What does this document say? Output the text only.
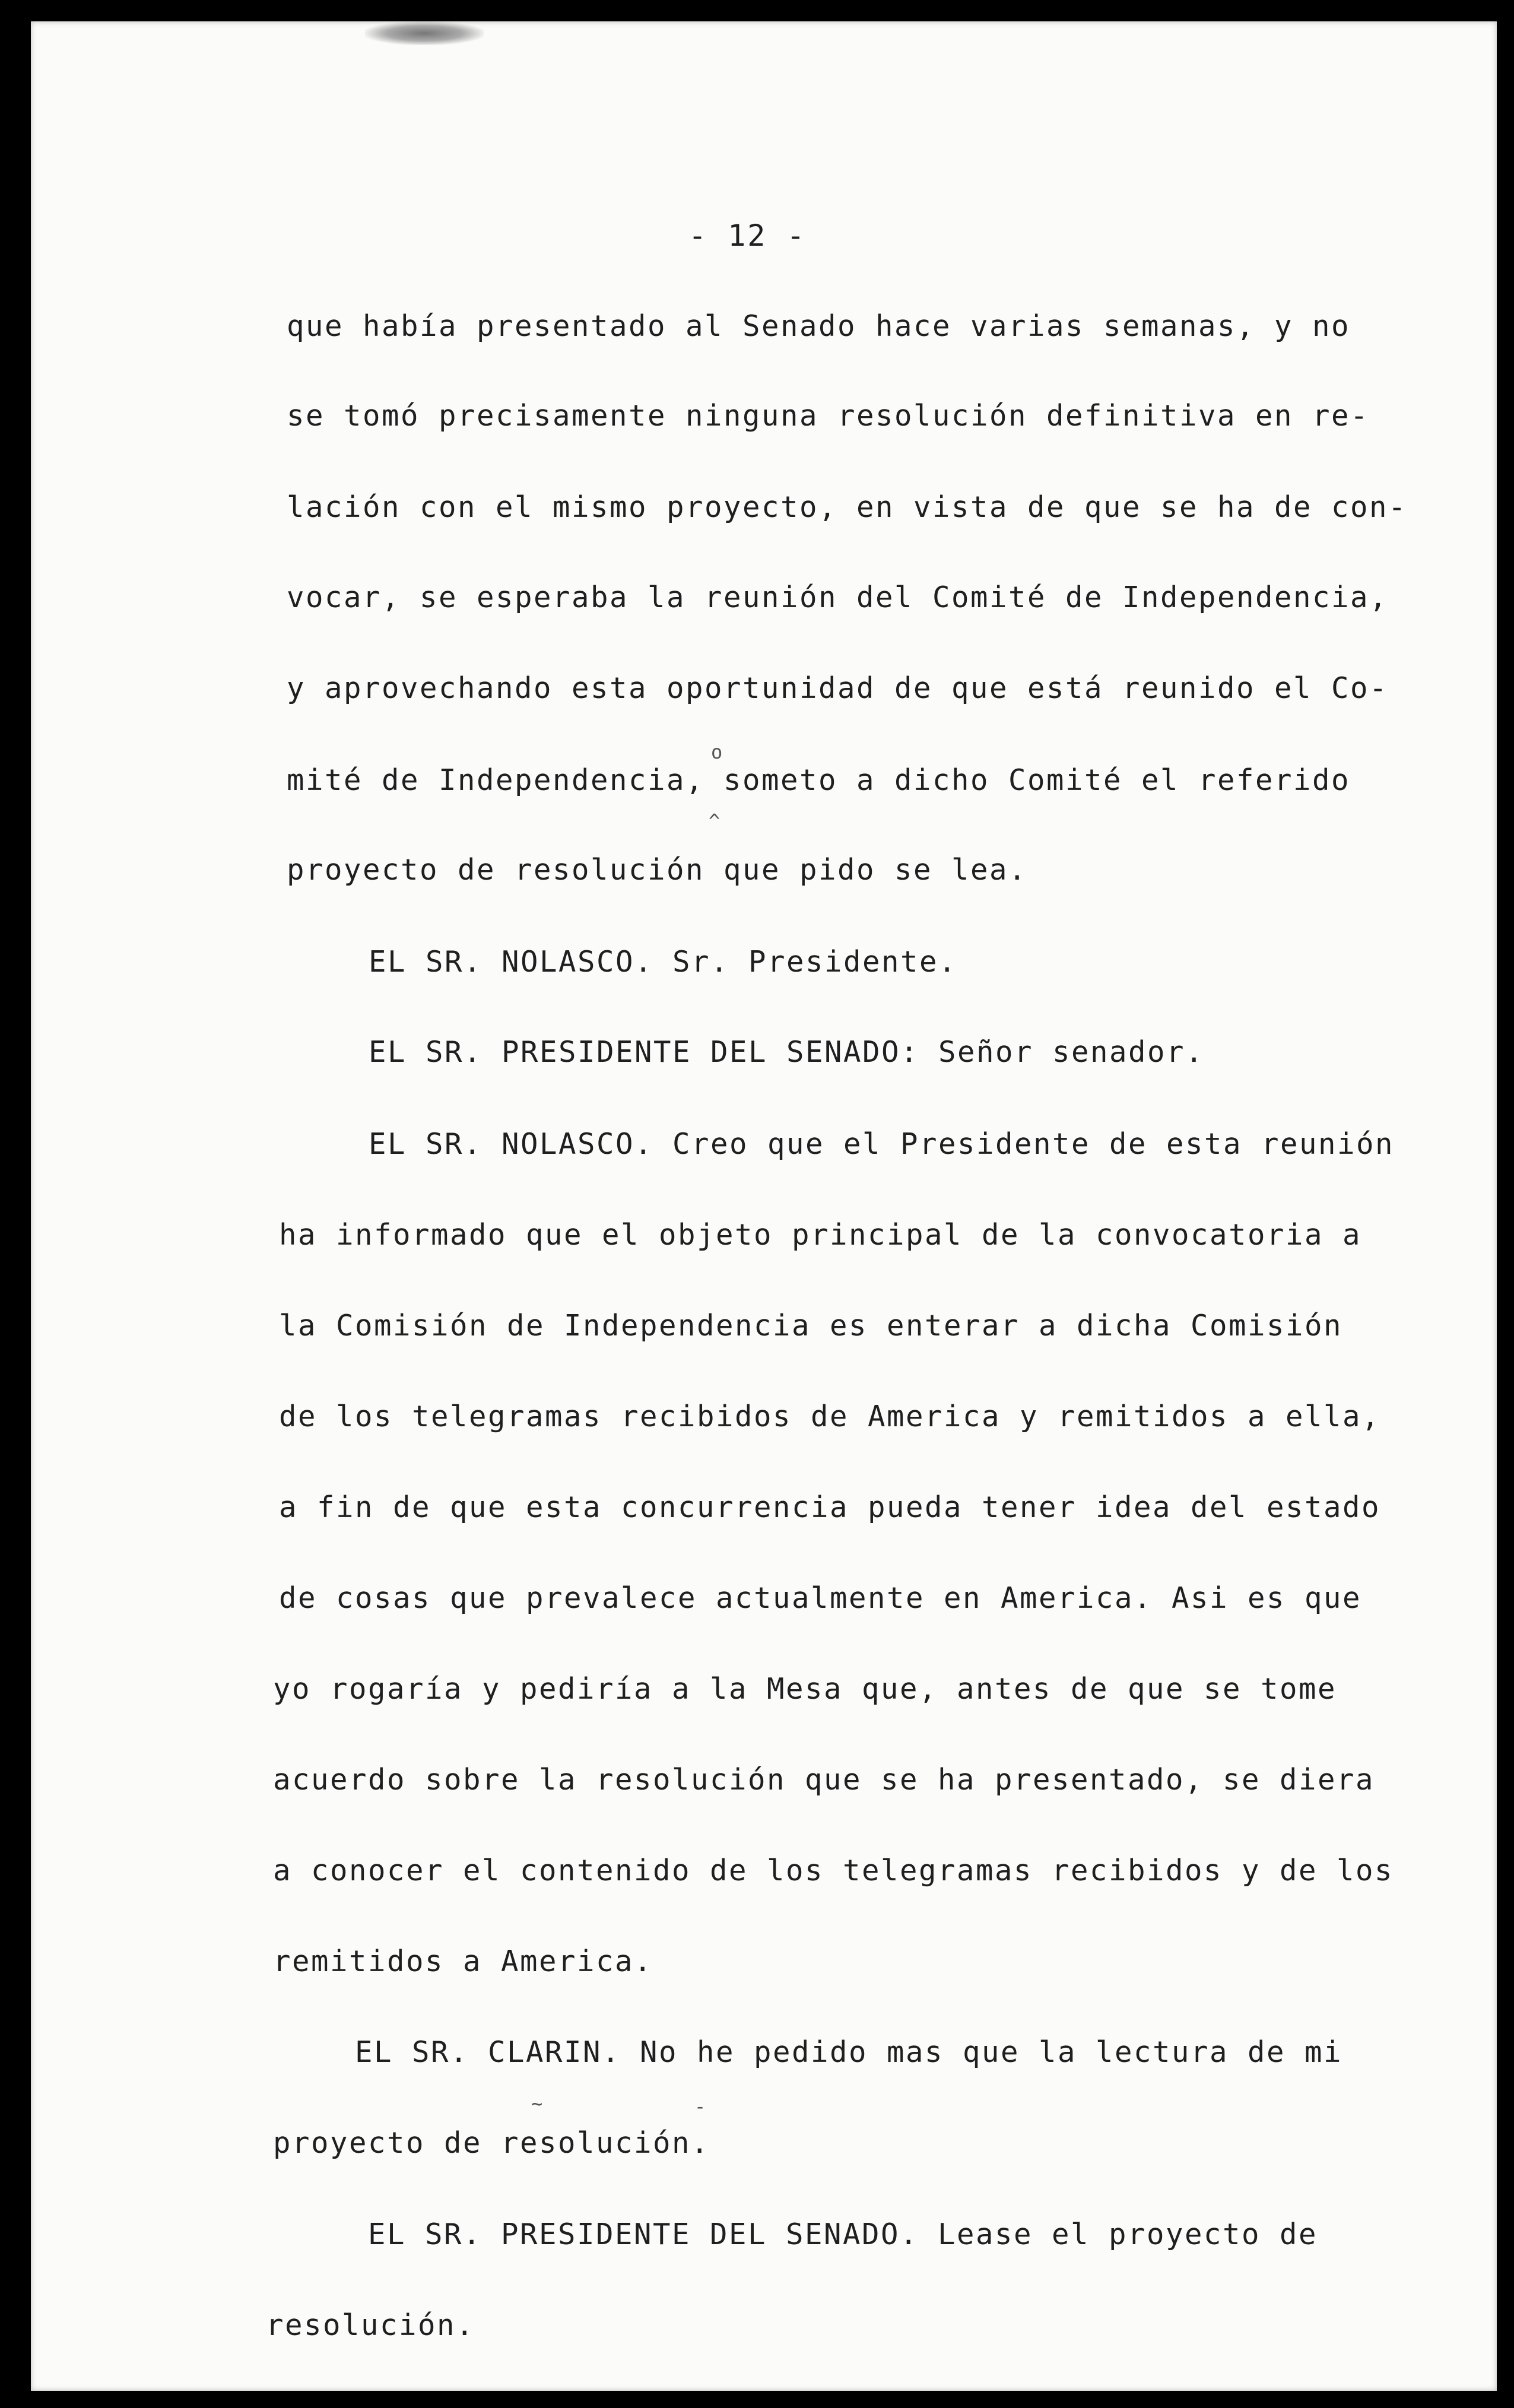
- 12 -
que había presentado al Senado hace varias semanas, y no
se tomó precisamente ninguna resolución definitiva en re-
lación con el mismo proyecto, en vista de que se ha de con-
vocar, se esperaba la reunión del Comité de Independencia,
y aprovechando esta oportunidad de que está reunido el Co-
o
mité de Independencia, someto a dicho Comité el referido
^
proyecto de resolución que pido se lea.
EL SR. NOLASCO. Sr. Presidente.
EL SR. PRESIDENTE DEL SENADO: Señor senador.
EL SR. NOLASCO. Creo que el Presidente de esta reunión
ha informado que el objeto principal de la convocatoria a
la Comisión de Independencia es enterar a dicha Comisión
de los telegramas recibidos de America y remitidos a ella,
a fin de que esta concurrencia pueda tener idea del estado
de cosas que prevalece actualmente en America. Asi es que
yo rogaría y pediría a la Mesa que, antes de que se tome
acuerdo sobre la resolución que se ha presentado, se diera
a conocer el contenido de los telegramas recibidos y de los
remitidos a America.
EL SR. CLARIN. No he pedido mas que la lectura de mi
~	-
proyecto de resolución.
EL SR. PRESIDENTE DEL SENADO. Lease el proyecto de
resolución.
